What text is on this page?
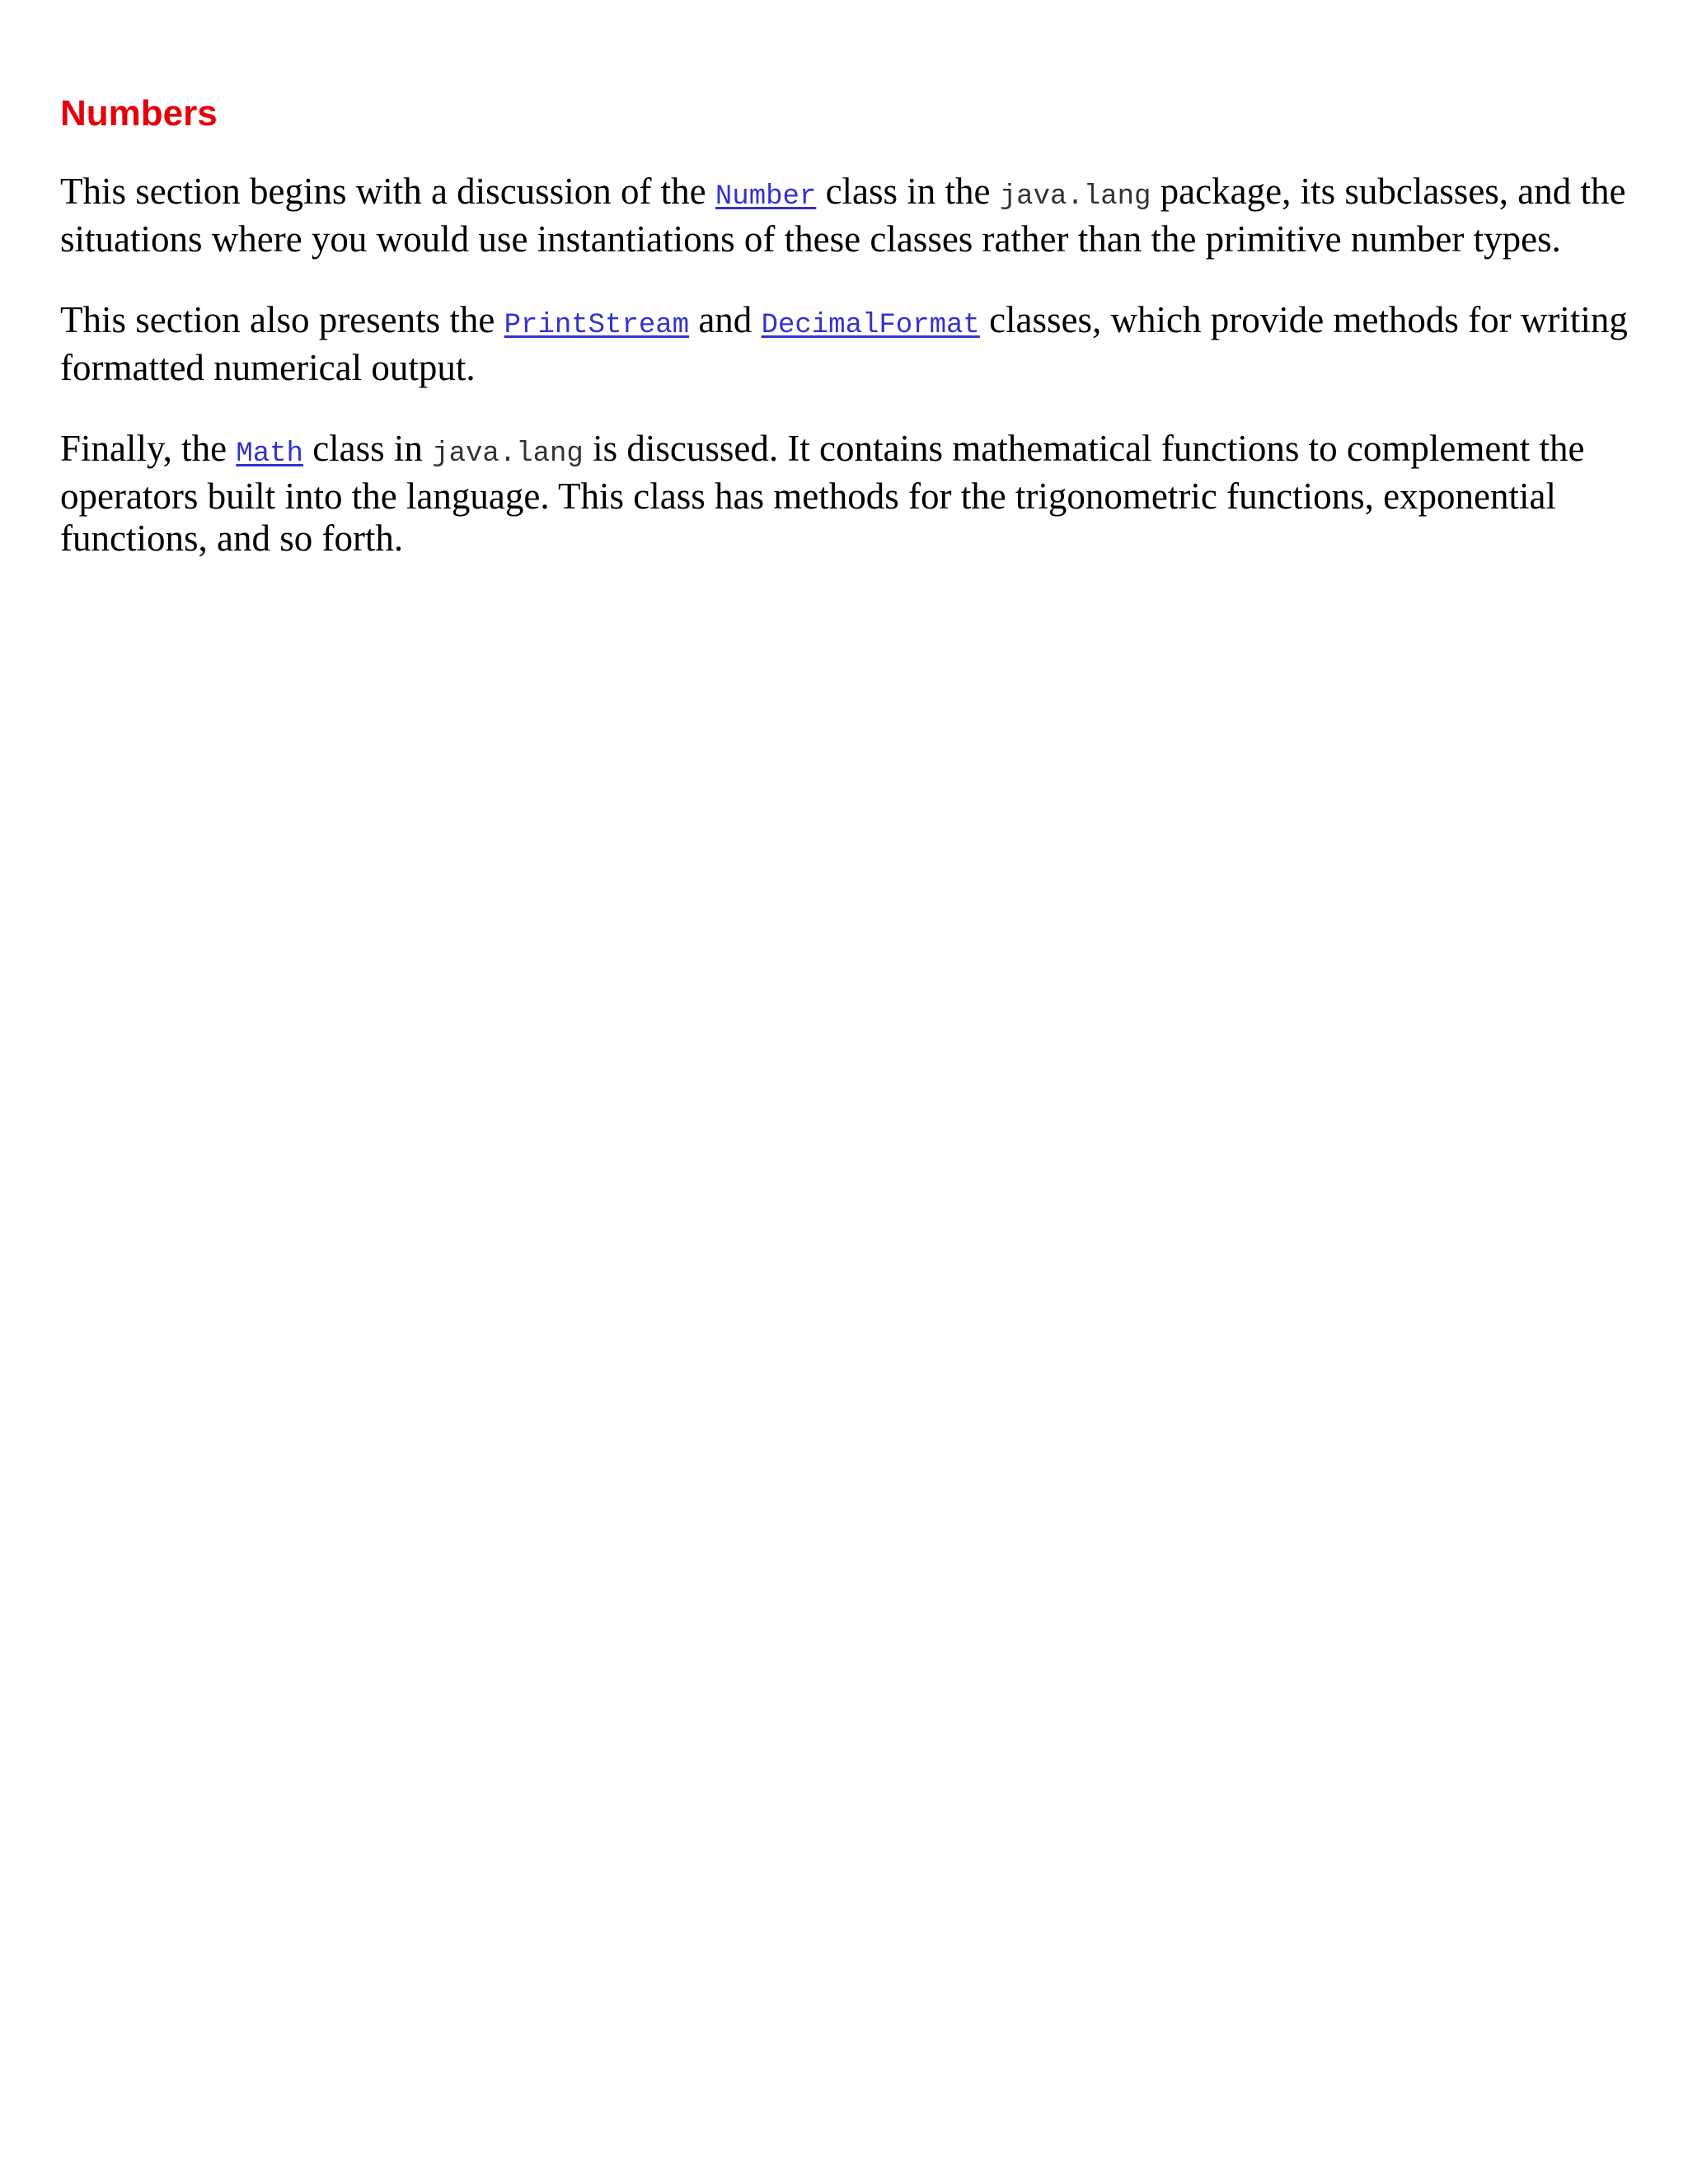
Numbers

This section begins with a discussion of the Number class in the java.lang package, its subclasses, and the situations where you would use instantiations of these classes rather than the primitive number types.

This section also presents the PrintStream and DecimalFormat classes, which provide methods for writing formatted numerical output.

Finally, the Math class in java.lang is discussed. It contains mathematical functions to complement the operators built into the language. This class has methods for the trigonometric functions, exponential functions, and so forth.
